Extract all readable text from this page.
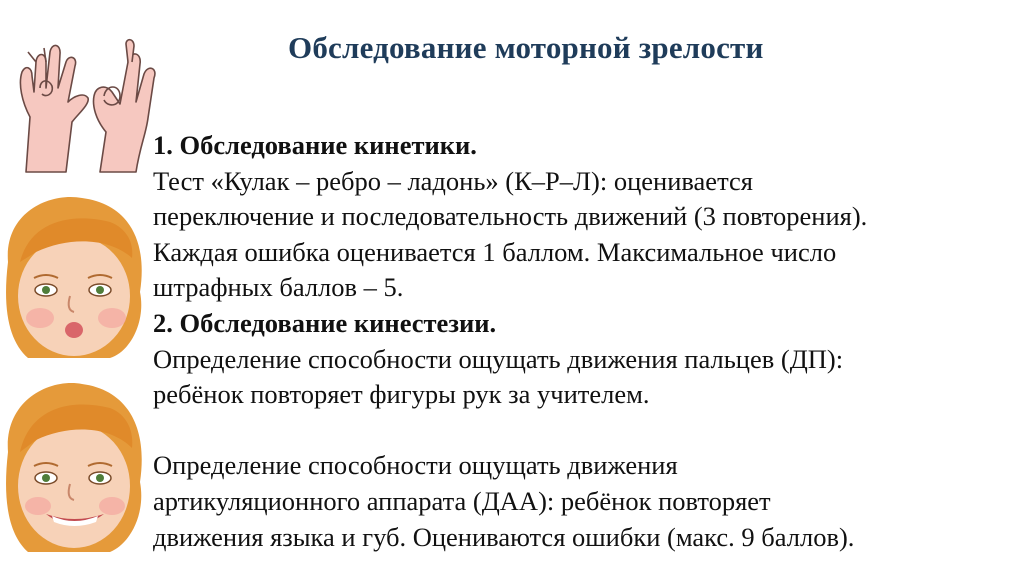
Обследование моторной зрелости
1. Обследование кинетики.
Тест «Кулак – ребро – ладонь» (К–Р–Л): оценивается
переключение и последовательность движений (3 повторения).
Каждая ошибка оценивается 1 баллом. Максимальное число
штрафных баллов – 5.
2. Обследование кинестезии.
Определение способности ощущать движения пальцев (ДП):
ребёнок повторяет фигуры рук за учителем.
Определение способности ощущать движения
артикуляционного аппарата (ДАА): ребёнок повторяет
движения языка и губ. Оцениваются ошибки (макс. 9 баллов).
